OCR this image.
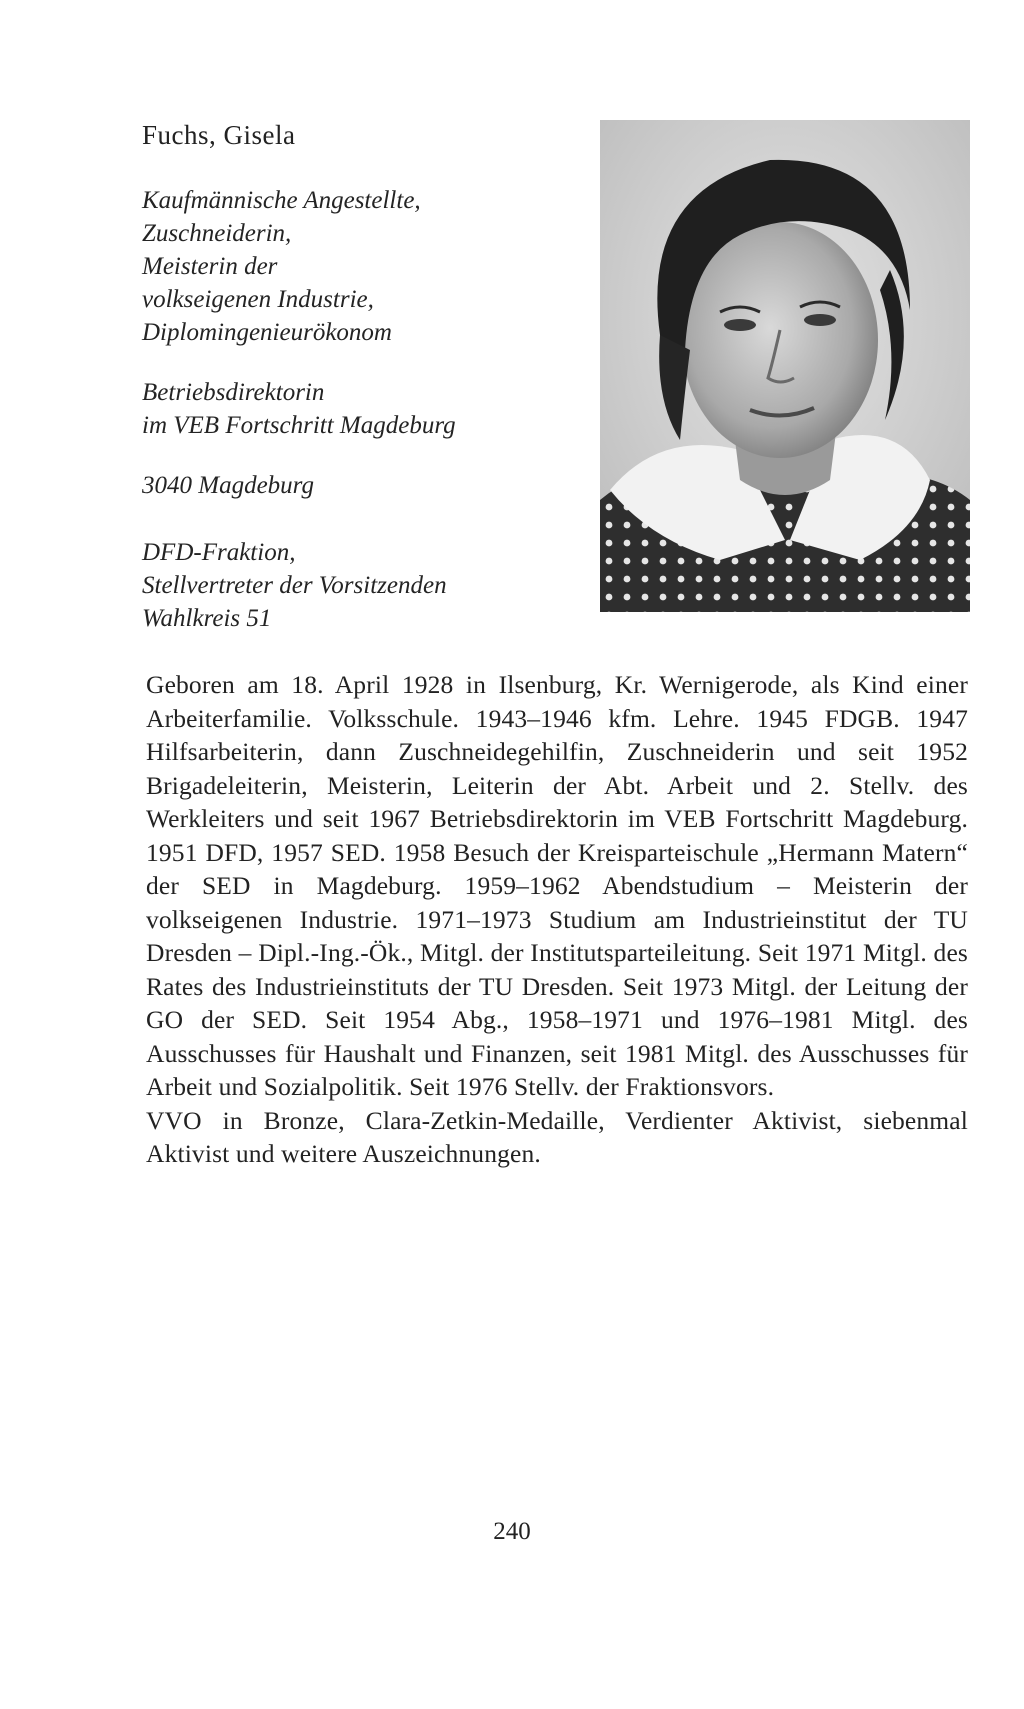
Fuchs, Gisela
Kaufmännische Angestellte,
Zuschneiderin,
Meisterin der
volkseigenen Industrie,
Diplomingenieurökonom
Betriebsdirektorin
im VEB Fortschritt Magdeburg
3040 Magdeburg
DFD-Fraktion,
Stellvertreter der Vorsitzenden
Wahlkreis 51

Geboren am 18. April 1928 in Ilsenburg, Kr. Wernigerode, als Kind einer Arbeiterfamilie. Volksschule. 1943–1946 kfm. Lehre. 1945 FDGB. 1947 Hilfsarbeiterin, dann Zuschneidegehilfin, Zuschneiderin und seit 1952 Brigadeleiterin, Meisterin, Leiterin der Abt. Arbeit und 2. Stellv. des Werkleiters und seit 1967 Betriebsdirektorin im VEB Fortschritt Magdeburg. 1951 DFD, 1957 SED. 1958 Besuch der Kreisparteischule „Hermann Matern“ der SED in Magdeburg. 1959–1962 Abendstudium – Meisterin der volkseigenen Industrie. 1971–1973 Studium am Industrieinstitut der TU Dresden – Dipl.-Ing.-Ök., Mitgl. der Institutsparteileitung. Seit 1971 Mitgl. des Rates des Industrieinstituts der TU Dresden. Seit 1973 Mitgl. der Leitung der GO der SED. Seit 1954 Abg., 1958–1971 und 1976–1981 Mitgl. des Ausschusses für Haushalt und Finanzen, seit 1981 Mitgl. des Ausschusses für Arbeit und Sozialpolitik. Seit 1976 Stellv. der Fraktionsvors.

VVO in Bronze, Clara-Zetkin-Medaille, Verdienter Aktivist, siebenmal Aktivist und weitere Auszeichnungen.

240
